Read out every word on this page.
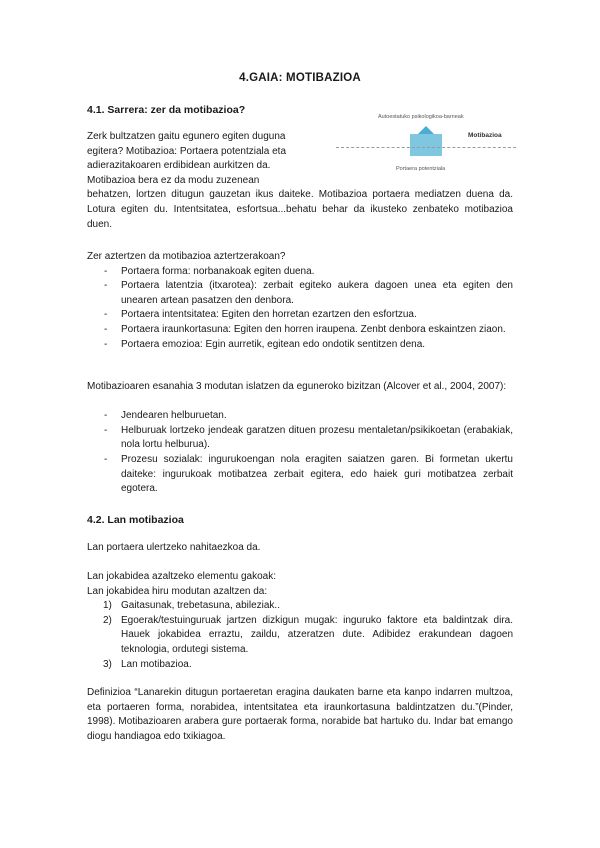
4.GAIA: MOTIBAZIOA
4.1. Sarrera: zer da motibazioa?
Autoestatuko psikologikoa-barneak
Motibazioa
Portaera potentziala
Zerk bultzatzen gaitu egunero egiten duguna
egitera? Motibazioa: Portaera potentziala eta
adierazitakoaren erdibidean aurkitzen da.
Motibazioa bera ez da modu zuzenean
behatzen, lortzen ditugun gauzetan ikus daiteke. Motibazioa portaera mediatzen duena da. Lotura egiten du. Intentsitatea, esfortsua...behatu behar da ikusteko zenbateko motibazioa duen.
Zer aztertzen da motibazioa aztertzerakoan?
- Portaera forma: norbanakoak egiten duena.
- Portaera latentzia (itxarotea): zerbait egiteko aukera dagoen unea eta egiten den unearen artean pasatzen den denbora.
- Portaera intentsitatea: Egiten den horretan ezartzen den esfortzua.
- Portaera iraunkortasuna: Egiten den horren iraupena. Zenbt denbora eskaintzen ziaon.
- Portaera emozioa: Egin aurretik, egitean edo ondotik sentitzen dena.
Motibazioaren esanahia 3 modutan islatzen da eguneroko bizitzan (Alcover et al., 2004, 2007):
- Jendearen helburuetan.
- Helburuak lortzeko jendeak garatzen dituen prozesu mentaletan/psikikoetan (erabakiak, nola lortu helburua).
- Prozesu sozialak: ingurukoengan nola eragiten saiatzen garen. Bi formetan ukertu daiteke: ingurukoak motibatzea zerbait egitera, edo haiek guri motibatzea zerbait egotera.
4.2. Lan motibazioa
Lan portaera ulertzeko nahitaezkoa da.
Lan jokabidea azaltzeko elementu gakoak:
Lan jokabidea hiru modutan azaltzen da:
1) Gaitasunak, trebetasuna, abileziak..
2) Egoerak/testuinguruak jartzen dizkigun mugak: inguruko faktore eta baldintzak dira. Hauek jokabidea erraztu, zaildu, atzeratzen dute. Adibidez erakundean dagoen teknologia, ordutegi sistema.
3) Lan motibazioa.
Definizioa “Lanarekin ditugun portaeretan eragina daukaten barne eta kanpo indarren multzoa, eta portaeren forma, norabidea, intentsitatea eta iraunkortasuna baldintzatzen du.”(Pinder, 1998). Motibazioaren arabera gure portaerak forma, norabide bat hartuko du. Indar bat emango diogu handiagoa edo txikiagoa.
